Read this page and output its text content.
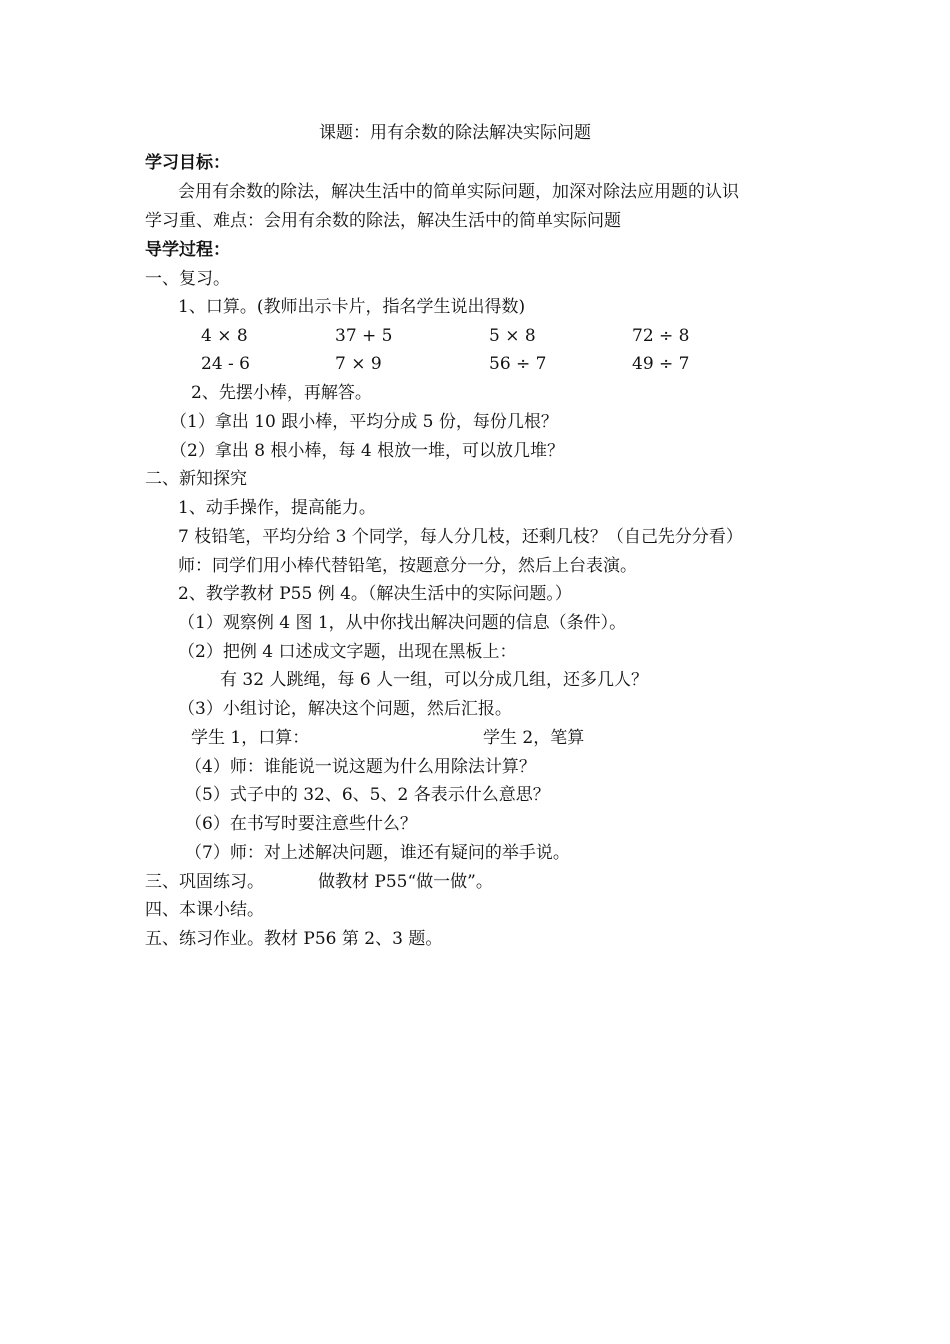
课题：用有余数的除法解决实际问题
学习目标：
会用有余数的除法，解决生活中的简单实际问题，加深对除法应用题的认识
学习重、难点：会用有余数的除法，解决生活中的简单实际问题
导学过程：
一、复习。
1、口算。(教师出示卡片，指名学生说出得数)
4 × 8	37 + 5	5 × 8	72 ÷ 8
24 - 6	7 × 9	56 ÷ 7	49 ÷ 7
2、先摆小棒，再解答。
（1）拿出 10 跟小棒，平均分成 5 份，每份几根？
（2）拿出 8 根小棒，每 4 根放一堆，可以放几堆？
二、新知探究
1、动手操作，提高能力。
7 枝铅笔，平均分给 3 个同学，每人分几枝，还剩几枝？（自己先分分看）
师：同学们用小棒代替铅笔，按题意分一分，然后上台表演。
2、教学教材 P55 例 4。（解决生活中的实际问题。）
（1）观察例 4 图 1，从中你找出解决问题的信息（条件）。
（2）把例 4 口述成文字题，出现在黑板上：
有 32 人跳绳，每 6 人一组，可以分成几组，还多几人？
（3）小组讨论，解决这个问题，然后汇报。
学生 1，口算：	学生 2，笔算
（4）师：谁能说一说这题为什么用除法计算？
（5）式子中的 32、6、5、2 各表示什么意思？
（6）在书写时要注意些什么？
（7）师：对上述解决问题，谁还有疑问的举手说。
三、巩固练习。	做教材 P55“做一做”。
四、本课小结。
五、练习作业。教材 P56 第 2、3 题。
